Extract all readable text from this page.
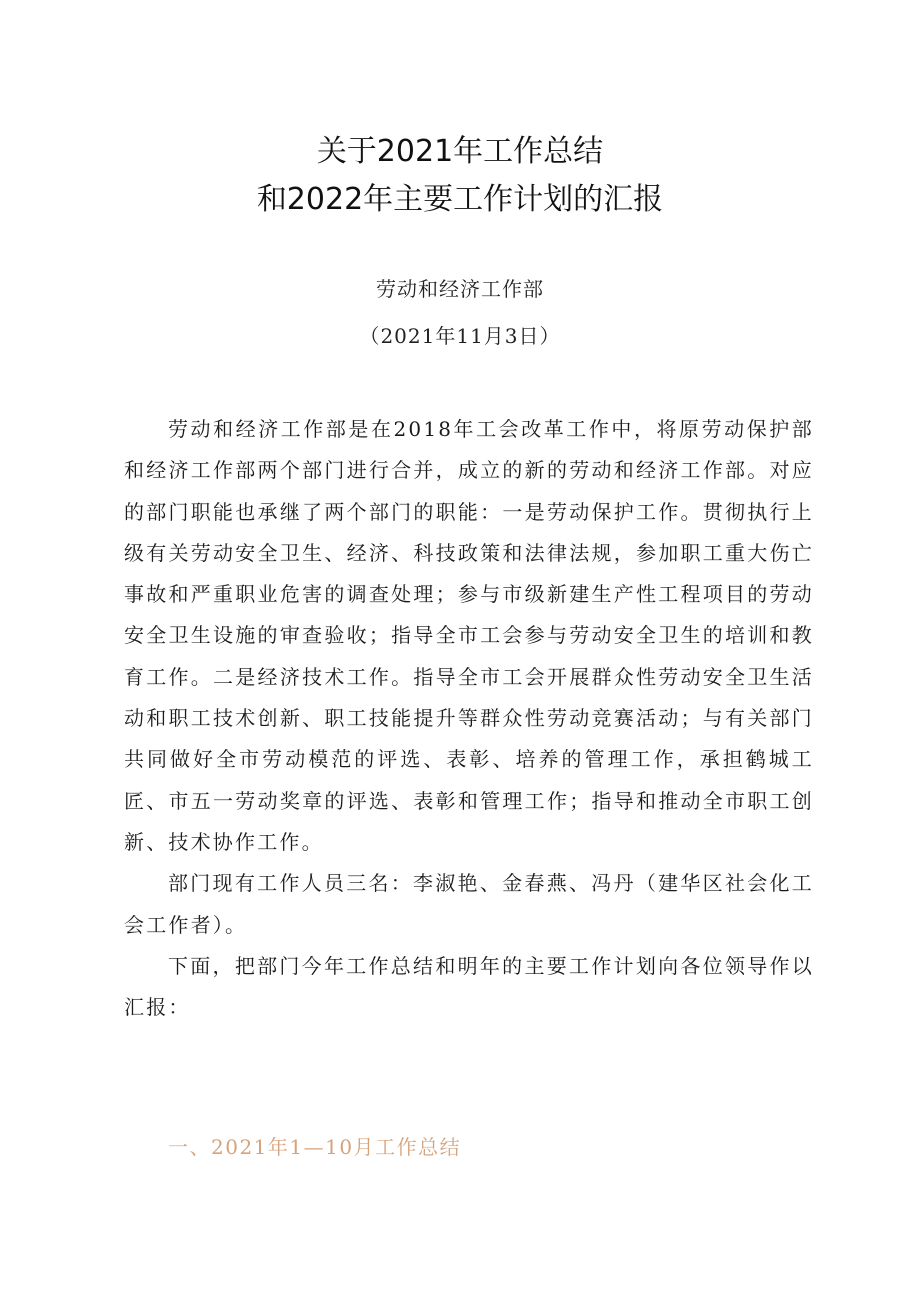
关于2021年工作总结
和2022年主要工作计划的汇报
劳动和经济工作部
（2021年11月3日）

劳动和经济工作部是在2018年工会改革工作中，将原劳动保护部和经济工作部两个部门进行合并，成立的新的劳动和经济工作部。对应的部门职能也承继了两个部门的职能：一是劳动保护工作。贯彻执行上级有关劳动安全卫生、经济、科技政策和法律法规，参加职工重大伤亡事故和严重职业危害的调查处理；参与市级新建生产性工程项目的劳动安全卫生设施的审查验收；指导全市工会参与劳动安全卫生的培训和教育工作。二是经济技术工作。指导全市工会开展群众性劳动安全卫生活动和职工技术创新、职工技能提升等群众性劳动竞赛活动；与有关部门共同做好全市劳动模范的评选、表彰、培养的管理工作，承担鹤城工匠、市五一劳动奖章的评选、表彰和管理工作；指导和推动全市职工创新、技术协作工作。

部门现有工作人员三名：李淑艳、金春燕、冯丹（建华区社会化工会工作者）。

下面，把部门今年工作总结和明年的主要工作计划向各位领导作以汇报：

一、2021年1—10月工作总结
